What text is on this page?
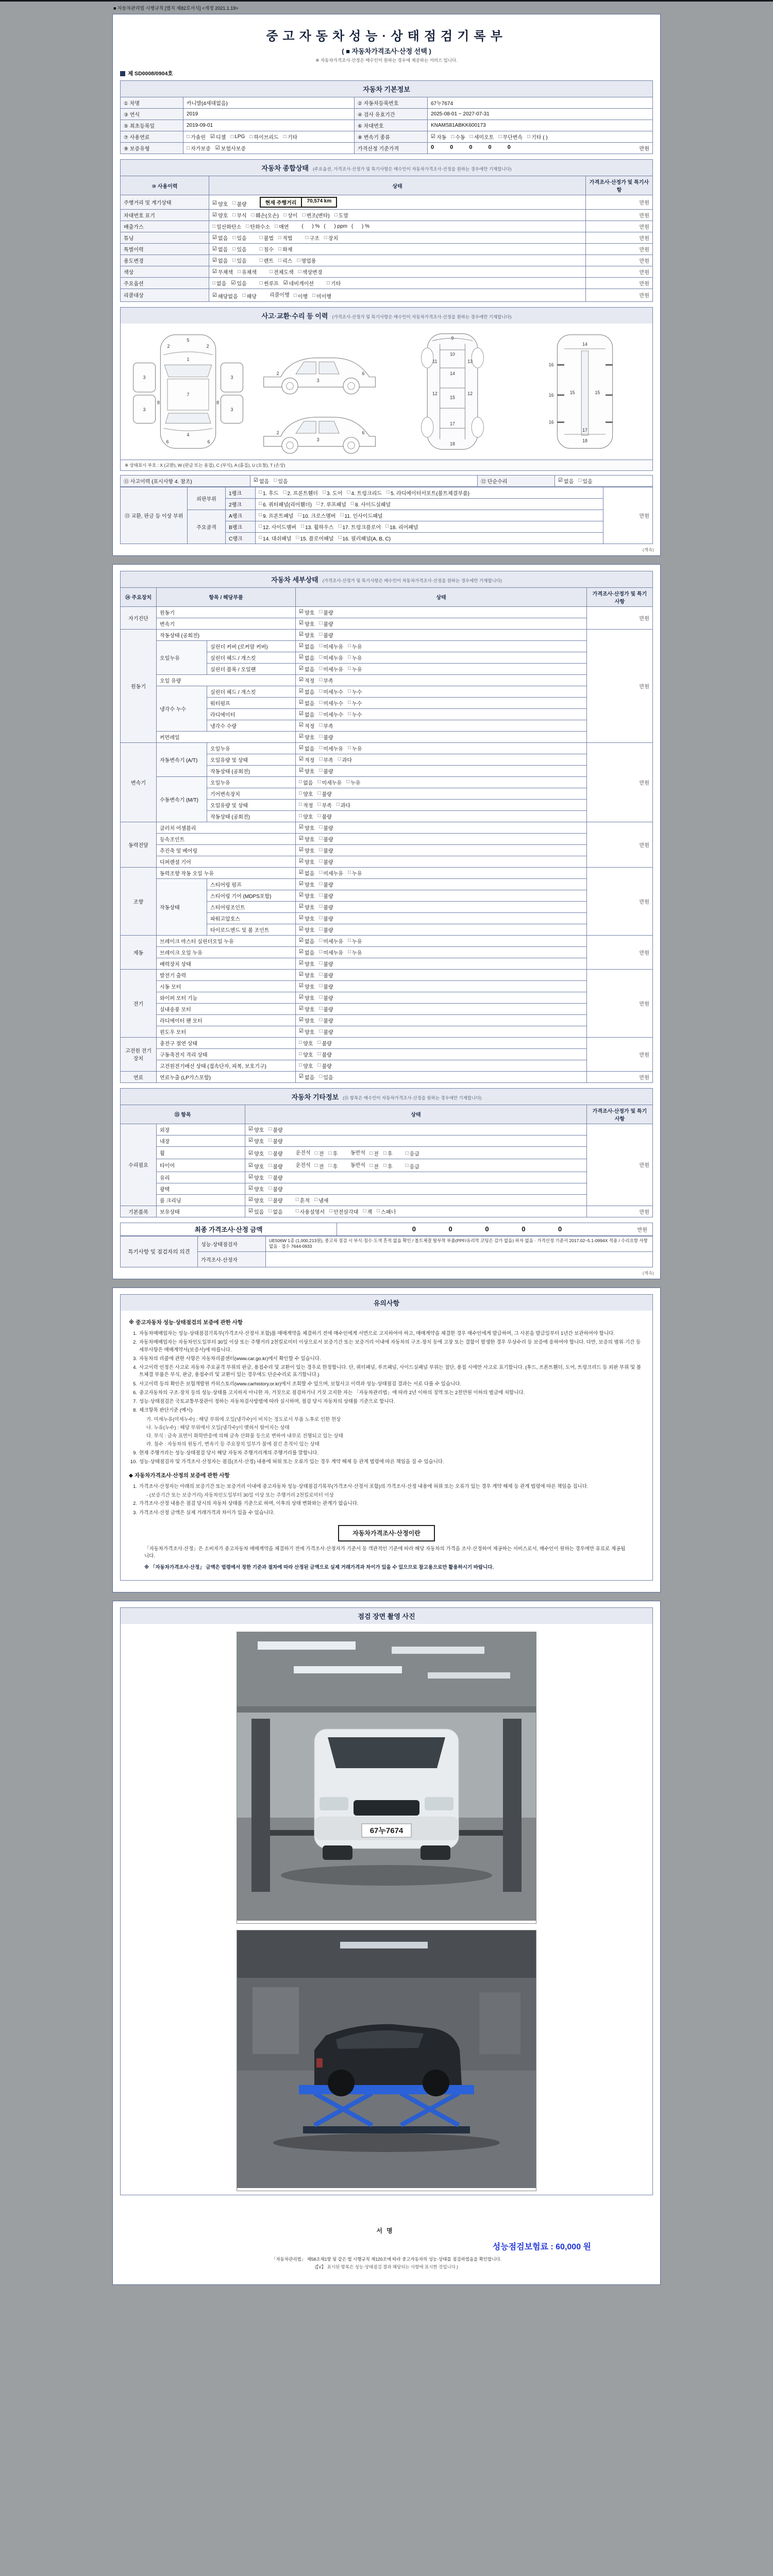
■ 자동차관리법 시행규칙 [별지 제82호서식] <개정 2021.1.19>
중고자동차성능·상태점검기록부
( ■ 자동차가격조사·산정 선택 )
※ 자동차가격조사·산정은 매수인이 원하는 경우에 제공하는 서비스 입니다.
제 SD0008/0904호
자동차 기본정보
① 차명	카니발(4세대없음)	② 자동차등록번호	67누7674
③ 연식	2019	④ 검사 유효기간	2025-08-01 ~ 2027-07-31
⑤ 최초등록일	2019-09-01	⑥ 차대번호	KNAMS81ABKK600173
⑦ 사용연료	□ 가솔린 ☑ 디젤 □ LPG □ 하이브리드 □ 기타	⑧ 변속기 종류	☑ 자동 □ 수동 □ 세미오토 □ 무단변속 □ 기타 ( )
⑨ 보증유형	□ 자가보증 ☑ 보험사보증	가격산정 기준가격	0 0 0 0 0 만원
자동차 종합상태 (주요옵션, 가격조사·산정가 및 특기사항은 매수인이 자동차가격조사·산정을 원하는 경우에만 기재합니다)
⑩ 사용이력	상태	가격조사·산정가 및 특기사항
주행거리 및 계기상태	☑ 양호 □ 불량	현재 주행거리	70,574 km	만원
차대번호 표기	☑ 양호 □ 부식 □ 훼손(오손) □ 상이 □ 변조(변타) □ 도말	만원
배출가스	□ 일산화탄소 □ 탄화수소 □ 매연	(      ) % (      ) ppm (      ) %	만원
튜닝	☑ 없음 □ 있음	□ 불법 □ 적법	□ 구조 □ 장치	만원
특별이력	☑ 없음 □ 있음	□ 침수 □ 화재	만원
용도변경	☑ 없음 □ 있음	□ 렌트 □ 리스 □ 영업용	만원
색상	☑ 무채색 □ 유채색	□ 전체도색 □ 색상변경	만원
주요옵션	□ 없음 ☑ 있음	□ 썬루프 ☑ 네비게이션	□ 기타	만원
리콜대상	☑ 해당없음 □ 해당	리콜이행 □ 이행 □ 미이행	만원
사고·교환·수리 등 이력 (가격조사·산정가 및 특기사항은 매수인이 자동차가격조사·산정을 원하는 경우에만 기재합니다)
5
1
2	2
3
3
3
3
7
4
6	6
8	8
2
3
6
2
3
6
9
10
11	13
14
12
15
12
17
18
16
16
16
15
14
18
15
17
※ 상태표시 부호 : X (교환), W (판금 또는 용접), C (부식), A (흠집), U (요철), T (손상)
⑪ 사고이력 (표시사항 4. 참조)	☑ 없음 □ 있음	⑫ 단순수리	☑ 없음 □ 있음
⑬ 교환, 판금 등 이상 부위	외판부위	1랭크	□ 1. 후드 □ 2. 프론트휀더 □ 3. 도어 □ 4. 트렁크리드 □ 5. 라디에이터서포트(볼트체결부품)	만원
2랭크	□ 6. 쿼터패널(리어휀더) □ 7. 루프패널 □ 8. 사이드실패널
주요골격	A랭크	□ 9. 프론트패널 □ 10. 크로스멤버 □ 11. 인사이드패널
B랭크	□ 12. 사이드멤버 □ 13. 휠하우스 □ 17. 트렁크플로어 □ 18. 리어패널
C랭크	□ 14. 대쉬패널 □ 15. 플로어패널 □ 16. 필러패널(A, B, C)
(계속)
자동차 세부상태 (가격조사·산정가 및 특기사항은 매수인이 자동차가격조사·산정을 원하는 경우에만 기재합니다)
⑭ 주요장치	항목 / 해당부품		상태	가격조사·산정가 및 특기사항
자기진단	원동기		☑ 양호 □ 불량	만원
	변속기		☑ 양호 □ 불량	
원동기	작동상태 (공회전)		☑ 양호 □ 불량	만원
오일누유	실린더 커버 (로커암 커버)	☑ 없음 □ 미세누유 □ 누유
실린더 헤드 / 개스킷	☑ 없음 □ 미세누유 □ 누유
실린더 블록 / 오일팬	☑ 없음 □ 미세누유 □ 누유
	오일 유량		☑ 적정 □ 부족	
냉각수 누수	실린더 헤드 / 개스킷	☑ 없음 □ 미세누수 □ 누수
워터펌프	☑ 없음 □ 미세누수 □ 누수
라디에이터	☑ 없음 □ 미세누수 □ 누수
		냉각수 수량	☑ 적정 □ 부족	
	커먼레일		☑ 양호 □ 불량	
변속기	자동변속기 (A/T)	오일누유	☑ 없음 □ 미세누유 □ 누유	만원
오일유량 및 상태	☑ 적정 □ 부족 □ 과다
		작동상태 (공회전)	☑ 양호 □ 불량	
수동변속기 (M/T)	오일누유	□ 없음 □ 미세누유 □ 누유
		기어변속장치	□ 양호 □ 불량	
오일유량 및 상태	□ 적정 □ 부족 □ 과다
		작동상태 (공회전)	□ 양호 □ 불량	
동력전달	클러치 어셈블리		☑ 양호 □ 불량	만원
	등속조인트		☑ 양호 □ 불량	
	추진축 및 베어링		☑ 양호 □ 불량	
	디퍼렌셜 기어		☑ 양호 □ 불량	
조향	동력조향 작동 오일 누유	☑ 없음 □ 미세누유 □ 누유	만원
	작동상태	스티어링 펌프	☑ 양호 □ 불량	
		스티어링 기어 (MDPS포함)	☑ 양호 □ 불량	
		스티어링조인트	☑ 양호 □ 불량	
		파워고압호스	☑ 양호 □ 불량	
		타이로드엔드 및 볼 조인트	☑ 양호 □ 불량	
제동	브레이크 마스터 실린더오일 누유	☑ 없음 □ 미세누유 □ 누유	만원
브레이크 오일 누유	☑ 없음 □ 미세누유 □ 누유
	배력장치 상태		☑ 양호 □ 불량	
전기	발전기 출력		☑ 양호 □ 불량	만원
	시동 모터		☑ 양호 □ 불량	
	와이퍼 모터 기능		☑ 양호 □ 불량	
	실내송풍 모터		☑ 양호 □ 불량	
	라디에이터 팬 모터		☑ 양호 □ 불량	
	윈도우 모터		☑ 양호 □ 불량	
고전원 전기장치	충전구 절연 상태		□ 양호 □ 불량	만원
	구동축전지 격리 상태		□ 양호 □ 불량	
	고전원전기배선 상태 (접속단자, 피복, 보호기구)		□ 양호 □ 불량	
연료	연료누출 (LP가스포함)		☑ 없음 □ 있음	만원
자동차 기타정보 (⑮ 항목은 매수인이 자동차가격조사·산정을 원하는 경우에만 기재합니다)
⑮ 항목		상태	가격조사·산정가 및 특기사항
수리필요	외장	☑ 양호 □ 불량	만원
	내장	☑ 양호 □ 불량	
휠	☑ 양호 □ 불량	운전석 □ 전 □ 후	동반석 □ 전 □ 후	□ 응급
타이어	☑ 양호 □ 불량	운전석 □ 전 □ 후	동반석 □ 전 □ 후	□ 응급
	유리	☑ 양호 □ 불량	
	광택	☑ 양호 □ 불량	
룸 크리닝	☑ 양호 □ 불량	□ 흔적 □ 냄새
기본품목	보유상태	☑ 있음 □ 없음	□ 사용설명서 □ 안전삼각대 □ 잭 □ 스패너	만원
최종 가격조사·산정 금액	0 0 0 0 0	만원
특기사항 및 점검자의 의견	성능·상태점검자	UE506W 1종 (1,000,213원), 중고차 점검 시 부식·침수·도색 흔적 없음 확인 / 볼트체결 탈부착 부품(PPF/유리막 코팅은 감가 없음) 하자 없음 · 가격산정 기준서 2017.02~5.1-0994X 적용 / 수리요함 사항 없음 · 접수 7644-0933
	가격조사·산정자	
(계속)
유의사항
※ 중고자동차 성능·상태점검의 보증에 관한 사항
1. 자동차매매업자는 성능·상태점검기록부(가격조사·산정서 포함)를 매매계약을 체결하기 전에 매수인에게 서면으로 고지하여야 하고, 매매계약을 체결한 경우 매수인에게 발급하며, 그 사본을 발급일부터 1년간 보관하여야 합니다.
2. 자동차매매업자는 자동차인도일부터 30일 이상 또는 주행거리 2천킬로미터 이상으로서 보증기간 또는 보증거리 이내에 자동차의 구조·장치 등에 고장 또는 결함이 발생한 경우 무상수리 등 보증에 응하여야 합니다. 다만, 보증의 범위·기간 등 세부사항은 매매계약서(보증서)에 따릅니다.
3. 자동차의 리콜에 관한 사항은 자동차리콜센터(www.car.go.kr)에서 확인할 수 있습니다.
4. 사고이력 인정은 사고로 자동차 주요골격 부위의 판금, 용접수리 및 교환이 있는 경우로 한정합니다. 단, 쿼터패널, 루프패널, 사이드실패널 부위는 절단, 용접 시에만 사고로 표기합니다. (후드, 프론트휀더, 도어, 트렁크리드 등 외판 부위 및 볼트체결 부품은 부식, 판금, 용접수리 및 교환이 있는 경우에도 단순수리로 표기합니다.)
5. 사고이력 등의 확인은 보험개발원 카히스토리(www.carhistory.or.kr)에서 조회할 수 있으며, 보험사고 이력과 성능·상태점검 결과는 서로 다를 수 있습니다.
6. 중고자동차의 구조·장치 등의 성능·상태를 고지하지 아니한 자, 거짓으로 점검하거나 거짓 고지한 자는 「자동차관리법」에 따라 2년 이하의 징역 또는 2천만원 이하의 벌금에 처합니다.
7. 성능·상태점검은 국토교통부장관이 정하는 자동차검사방법에 따라 실시하며, 점검 당시 자동차의 상태를 기준으로 합니다.
8. 체크항목 판단기준 (예시)
가. 미세누유(미세누수) : 해당 부위에 오일(냉각수)이 비치는 정도로서 부품 노후로 인한 현상
나. 누유(누수) : 해당 부위에서 오일(냉각수)이 맺혀서 떨어지는 상태
다. 부식 : 금속 표면이 화학반응에 의해 금속 산화물 등으로 변하여 내부로 진행되고 있는 상태
라. 침수 : 자동차의 원동기, 변속기 등 주요장치 일부가 물에 잠긴 흔적이 있는 상태
9. 현재 주행거리는 성능·상태점검 당시 해당 자동차 주행거리계의 주행거리를 말합니다.
10. 성능·상태점검자 및 가격조사·산정자는 점검(조사·산정) 내용에 허위 또는 오류가 있는 경우 계약 해제 등 관계 법령에 따른 책임을 질 수 있습니다.
◆ 자동차가격조사·산정의 보증에 관한 사항
1. 가격조사·산정자는 아래의 보증기간 또는 보증거리 이내에 중고자동차 성능·상태점검기록부(가격조사·산정서 포함)의 가격조사·산정 내용에 허위 또는 오류가 있는 경우 계약 해제 등 관계 법령에 따른 책임을 집니다.
- (보증기간 또는 보증거리) 자동차인도일부터 30일 이상 또는 주행거리 2천킬로미터 이상
2. 가격조사·산정 내용은 점검 당시의 자동차 상태를 기준으로 하며, 이후의 상태 변화와는 관계가 없습니다.
3. 가격조사·산정 금액은 실제 거래가격과 차이가 있을 수 있습니다.
자동차가격조사·산정이란
「자동차가격조사·산정」은 소비자가 중고자동차 매매계약을 체결하기 전에 가격조사·산정자가 기준서 등 객관적인 기준에 따라 해당 자동차의 가격을 조사·산정하여 제공하는 서비스로서, 매수인이 원하는 경우에만 유료로 제공됩니다.
※ 「자동차가격조사·산정」 금액은 법령에서 정한 기준과 절차에 따라 산정된 금액으로 실제 거래가격과 차이가 있을 수 있으므로 참고용으로만 활용하시기 바랍니다.
점검 장면 촬영 사진
67누7674
서명
성능점검보험료 : 60,000 원
「자동차관리법」 제58조제1항 및 같은 법 시행규칙 제120조에 따라 중고자동차의 성능·상태를 점검하였음을 확인합니다.
(【V】 표시된 항목은 성능·상태점검 결과 해당되는 사항에 표시한 것입니다.)
